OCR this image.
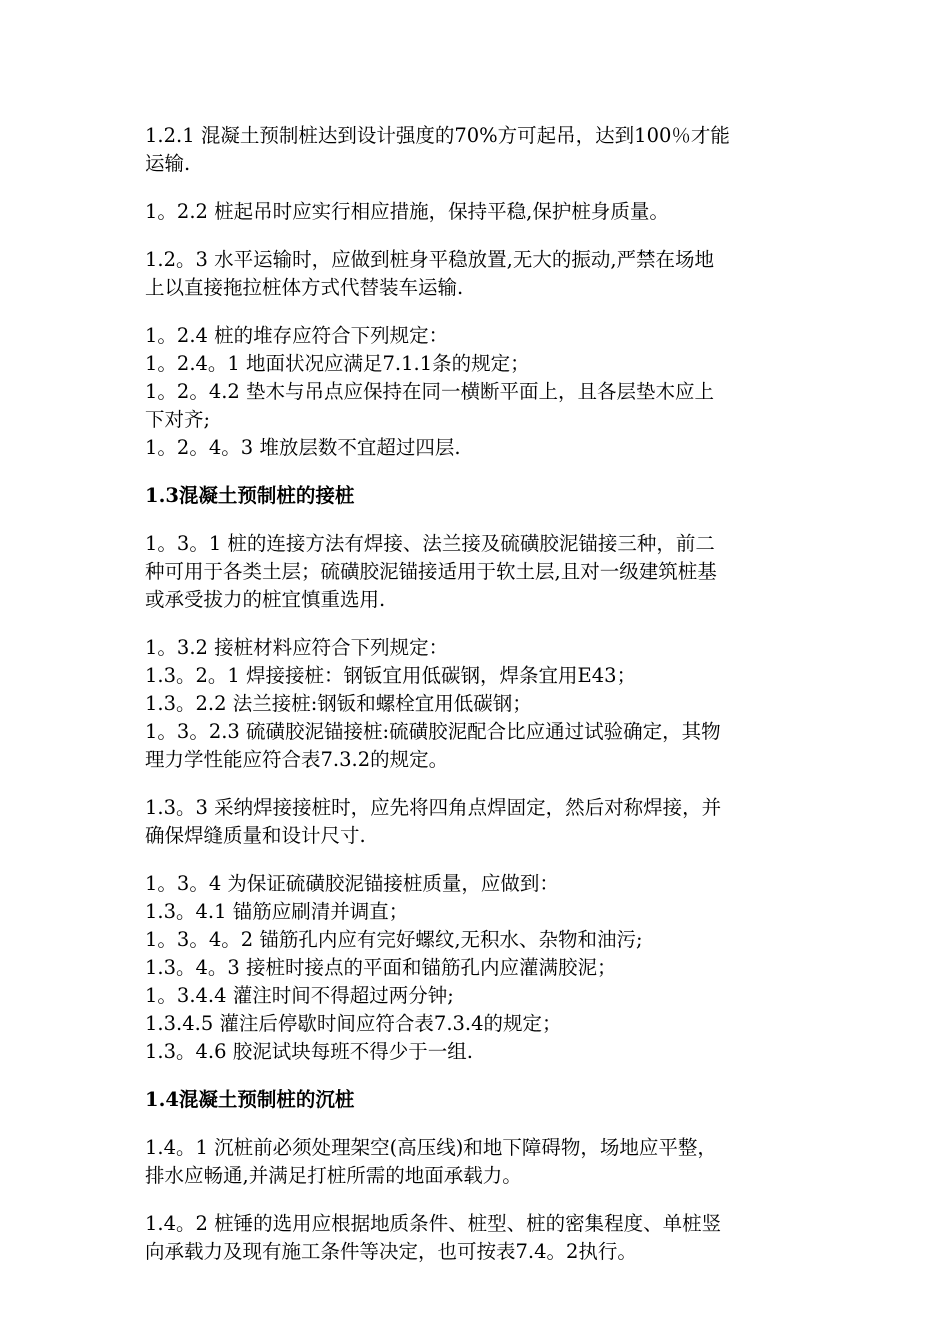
1.2.1 混凝土预制桩达到设计强度的70%方可起吊，达到100％才能
运输.
1。2.2 桩起吊时应实行相应措施，保持平稳,保护桩身质量。
1.2。3 水平运输时，应做到桩身平稳放置,无大的振动,严禁在场地
上以直接拖拉桩体方式代替装车运输.
1。2.4 桩的堆存应符合下列规定：
1。2.4。1 地面状况应满足7.1.1条的规定；
1。2。4.2 垫木与吊点应保持在同一横断平面上，且各层垫木应上
下对齐;
1。2。4。3 堆放层数不宜超过四层.
1.3混凝土预制桩的接桩
1。3。1 桩的连接方法有焊接、法兰接及硫磺胶泥锚接三种，前二
种可用于各类土层；硫磺胶泥锚接适用于软土层,且对一级建筑桩基
或承受拔力的桩宜慎重选用.
1。3.2 接桩材料应符合下列规定：
1.3。2。1 焊接接桩：钢钣宜用低碳钢，焊条宜用E43；
1.3。2.2 法兰接桩:钢钣和螺栓宜用低碳钢；
1。3。2.3 硫磺胶泥锚接桩:硫磺胶泥配合比应通过试验确定，其物
理力学性能应符合表7.3.2的规定。
1.3。3 采纳焊接接桩时，应先将四角点焊固定，然后对称焊接，并
确保焊缝质量和设计尺寸.
1。3。4 为保证硫磺胶泥锚接桩质量，应做到：
1.3。4.1 锚筋应刷清并调直；
1。3。4。2 锚筋孔内应有完好螺纹,无积水、杂物和油污;
1.3。4。3 接桩时接点的平面和锚筋孔内应灌满胶泥；
1。3.4.4 灌注时间不得超过两分钟;
1.3.4.5 灌注后停歇时间应符合表7.3.4的规定；
1.3。4.6 胶泥试块每班不得少于一组.
1.4混凝土预制桩的沉桩
1.4。1 沉桩前必须处理架空(高压线)和地下障碍物，场地应平整，
排水应畅通,并满足打桩所需的地面承载力。
1.4。2 桩锤的选用应根据地质条件、桩型、桩的密集程度、单桩竖
向承载力及现有施工条件等决定，也可按表7.4。2执行。
